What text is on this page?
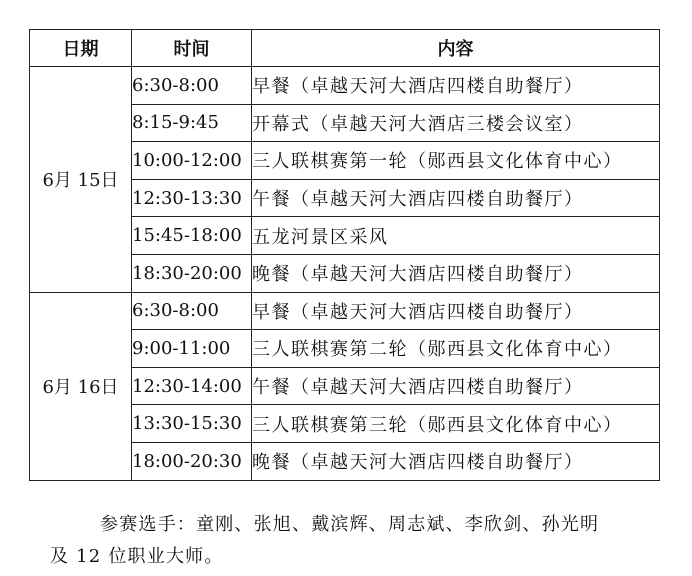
日期	时间	内容
6月 15日	6:30-8:00	早餐（卓越天河大酒店四楼自助餐厅）
	8:15-9:45	开幕式（卓越天河大酒店三楼会议室）
	10:00-12:00	三人联棋赛第一轮（郧西县文化体育中心）
	12:30-13:30	午餐（卓越天河大酒店四楼自助餐厅）
	15:45-18:00	五龙河景区采风
	18:30-20:00	晚餐（卓越天河大酒店四楼自助餐厅）
6月 16日	6:30-8:00	早餐（卓越天河大酒店四楼自助餐厅）
	9:00-11:00	三人联棋赛第二轮（郧西县文化体育中心）
	12:30-14:00	午餐（卓越天河大酒店四楼自助餐厅）
	13:30-15:30	三人联棋赛第三轮（郧西县文化体育中心）
	18:00-20:30	晚餐（卓越天河大酒店四楼自助餐厅）

参赛选手：童刚、张旭、戴滨辉、周志斌、李欣剑、孙光明

及 12 位职业大师。
